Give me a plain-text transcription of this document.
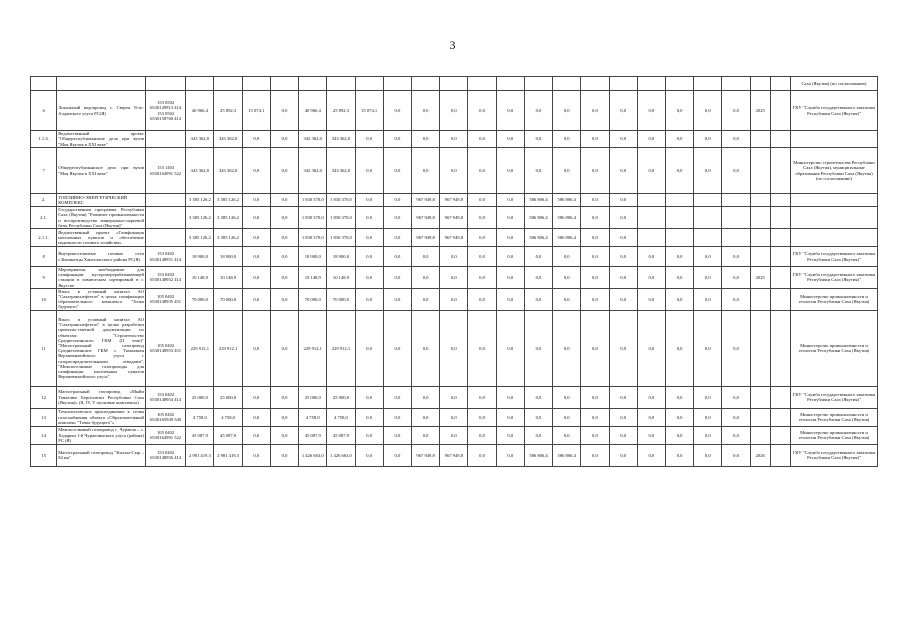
3
																									Саха (Якутия) (по согласованию)
6	Локальный водопровод с. Сюрен Усть-Алданского улуса РС(Я)	153 0502 6530149913 414 153 0502 6530158760 414	40 966,4	25 892,3	15 074,1	0,0	40 966,4	25 892,3	15 074,1	0,0	0,0	0,0	0,0	0,0	0,0	0,0	0,0	0,0	0,0	0,0	0,0	0,0	2025		ГКУ "Служба государственного заказчика Республики Саха (Якутия)"
1.1.4.	Ведомственный проект "Общереспубликанские дела при вузов "Моя Якутия в XXI веке"		343 362,0	343 362,0	0,0	0,0	343 362,0	343 362,0	0,0	0,0	0,0	0,0	0,0	0,0	0,0	0,0	0,0	0,0	0,0	0,0	0,0	0,0			
7	Общереспубликанское дело при вузов "Моя Якутия в XXI веке"	153 1403 6530164991 522	343 362,0	343 362,0	0,0	0,0	343 362,0	343 362,0	0,0	0,0	0,0	0,0	0,0	0,0	0,0	0,0	0,0	0,0	0,0	0,0	0,0	0,0			Министерство строительства Республики Саха (Якутия), муниципальные образования Республики Саха (Якутия) (по согласованию)
2.	ТОПЛИВНО-ЭНЕРГЕТИЧЕСКИЙ КОМПЛЕКС		3 385 126,2	3 385 126,2	0,0	0,0	1 830 370,0	1 830 370,0	0,0	0,0	967 949,8	967 949,8	0,0	0,0	586 806,4	586 806,4	0,0	0,0							
2.1.	Государственная программа Республики Саха (Якутия) "Развитие промышленности и воспроизводство минерально-сырьевой базы Республики Саха (Якутия)"		3 385 126,2	3 385 126,2	0,0	0,0	1 830 370,0	1 830 370,0	0,0	0,0	967 949,8	967 949,8	0,0	0,0	586 806,4	586 806,4	0,0	0,0							
2.1.1.	Ведомственный проект «Газификация населенных пунктов и обеспечение надежности газового хозяйства»		3 385 126,2	3 385 126,2	0,0	0,0	1 830 370,0	1 830 370,0	0,0	0,0	967 949,8	967 949,8	0,0	0,0	586 806,4	586 806,4	0,0	0,0							
8	Внутрипоселковые газовые сети с.Качикатцы Хангаласского района РС(Я)	153 0402 6530148951 414	18 900,0	18 900,0	0,0	0,0	18 900,0	18 900,0	0,0	0,0	0,0	0,0	0,0	0,0	0,0	0,0	0,0	0,0	0,0	0,0	0,0	0,0			ГКУ "Служба государственного заказчика Республики Саха (Якутия)"
9	Мероприятия, необходимые для газификации мусороперерабатывающей станции в химическом сортировкой в г. Якутске	153 0402 6530148952 414	10 148,9	10 148,9	0,0	0,0	10 148,9	10 148,9	0,0	0,0	0,0	0,0	0,0	0,0	0,0	0,0	0,0	0,0	0,0	0,0	0,0	0,0	2025		ГКУ "Служба государственного заказчика Республики Саха (Якутия)"
10	Взнос в уставный капитал АО "Сахатранснефтегаз" в целях газификации образовательного комплекса "Точка будущего"	105 0402 6530148935 451	70 000,0	70 000,0	0,0	0,0	70 000,0	70 000,0	0,0	0,0	0,0	0,0	0,0	0,0	0,0	0,0	0,0	0,0	0,0	0,0	0,0	0,0			Министерство промышленности и геологии Республики Саха (Якутия)
11	Взнос в уставный капитал АО "Сахатранснефтегаз" в целях разработки проектно-сметной документации по объектам: "Строительство Среднетатинского ГКМ (II этап)" "Магистральный газопровод Среднетатинское ГКМ с. Тамалакан Верхневилюйского улуса с газораспределительными отводами", "Межпоселковые газопроводы для газификации населенных пунктов Верхневилюйского улуса"	105 0402 6530148953 451	229 912,1	229 912,1	0,0	0,0	229 912,1	229 912,1	0,0	0,0	0,0	0,0	0,0	0,0	0,0	0,0	0,0	0,0	0,0	0,0	0,0	0,0			Министерство промышленности и геологии Республики Саха (Якутия)
12	Магистральный газопровод «Мыйи Тенкелюе Берселитии Республики Саха (Якутия)» (II, IV, V пусковые комплексы)	153 0402 6530148954 414	25 000,0	25 000,0	0,0	0,0	25 000,0	25 000,0	0,0	0,0	0,0	0,0	0,0	0,0	0,0	0,0	0,0	0,0	0,0	0,0	0,0	0,0			ГКУ "Служба государственного заказчика Республики Саха (Якутия)"
13	Технологическое присоединение к сетям газоснабжения объекта «Образовательный комплекс "Точка будущего"»	105 0402 6530165949 540	4 758,0	4 758,0	0,0	0,0	4 758,0	4 758,0	0,0	0,0	0,0	0,0	0,0	0,0	0,0	0,0	0,0	0,0	0,0	0,0	0,0	0,0			Министерство промышленности и геологии Республики Саха (Якутия)
14	Межпоселковый газопровод с. Чурапча – с. Хадарын 1-й Чурапчинского улуса (района) РС (Я)	105 0402 6530164991 522	45 087,9	45 087,9	0,0	0,0	45 087,9	45 087,9	0,0	0,0	0,0	0,0	0,0	0,0	0,0	0,0	0,0	0,0	0,0	0,0	0,0	0,0			Министерство промышленности и геологии Республики Саха (Якутия)
15	Магистральный газопровод "Кысыл-Сыр – 84 км"	153 0402 6530148956 414	2 981 419,3	2 981 419,3	0,0	0,0	1 426 663,0	1 426 663,0	0,0	0,0	967 949,8	967 949,8	0,0	0,0	586 806,4	586 806,4	0,0	0,0	0,0	0,0	0,0	0,0	2026		ГКУ "Служба государственного заказчика Республики Саха (Якутия)"
